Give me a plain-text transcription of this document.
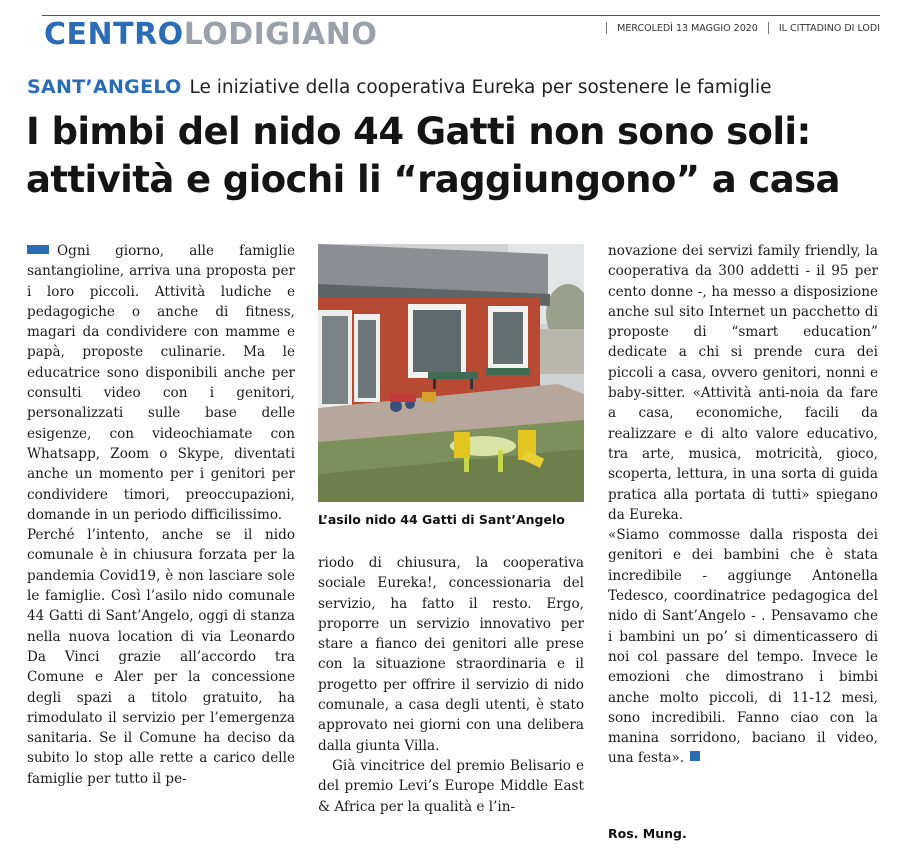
CENTROLODIGIANO	MERCOLEDÌ 13 MAGGIO 2020 IL CITTADINO DI LODI
SANT’ANGELO Le iniziative della cooperativa Eureka per sostenere le famiglie
I bimbi del nido 44 Gatti non sono soli:
attività e giochi li “raggiungono” a casa

Ogni giorno, alle famiglie santangioline, arriva una proposta per i loro piccoli. Attività ludiche e pedagogiche o anche di fitness, magari da condividere con mamme e papà, proposte culinarie. Ma le educatrice sono disponibili anche per consulti video con i genitori, personalizzati sulle base delle esigenze, con videochiamate con Whatsapp, Zoom o Skype, diventati anche un momento per i genitori per condividere timori, preoccupazioni, domande in un periodo difficilissimo.

Perché l’intento, anche se il nido comunale è in chiusura forzata per la pandemia Covid19, è non lasciare sole le famiglie. Così l’asilo nido comunale 44 Gatti di Sant’Angelo, oggi di stanza nella nuova location di via Leonardo Da Vinci grazie all’accordo tra Comune e Aler per la concessione degli spazi a titolo gratuito, ha rimodulato il servizio per l’emergenza sanitaria. Se il Comune ha deciso da subito lo stop alle rette a carico delle famiglie per tutto il pe-

L’asilo nido 44 Gatti di Sant’Angelo

riodo di chiusura, la cooperativa sociale Eureka!, concessionaria del servizio, ha fatto il resto. Ergo, proporre un servizio innovativo per stare a fianco dei genitori alle prese con la situazione straordinaria e il progetto per offrire il servizio di nido comunale, a casa degli utenti, è stato approvato nei giorni con una delibera dalla giunta Villa.

Già vincitrice del premio Belisario e del premio Levi’s Europe Middle East & Africa per la qualità e l’in-

novazione dei servizi family friendly, la cooperativa da 300 addetti - il 95 per cento donne -, ha messo a disposizione anche sul sito Internet un pacchetto di proposte di “smart education” dedicate a chi si prende cura dei piccoli a casa, ovvero genitori, nonni e baby-sitter. «Attività anti-noia da fare a casa, economiche, facili da realizzare e di alto valore educativo, tra arte, musica, motricità, gioco, scoperta, lettura, in una sorta di guida pratica alla portata di tutti» spiegano da Eureka.

«Siamo commosse dalla risposta dei genitori e dei bambini che è stata incredibile - aggiunge Antonella Tedesco, coordinatrice pedagogica del nido di Sant’Angelo - . Pensavamo che i bambini un po’ si dimenticassero di noi col passare del tempo. Invece le emozioni che dimostrano i bimbi anche molto piccoli, di 11-12 mesi, sono incredibili. Fanno ciao con la manina sorridono, baciano il video, una festa».

Ros. Mung.
